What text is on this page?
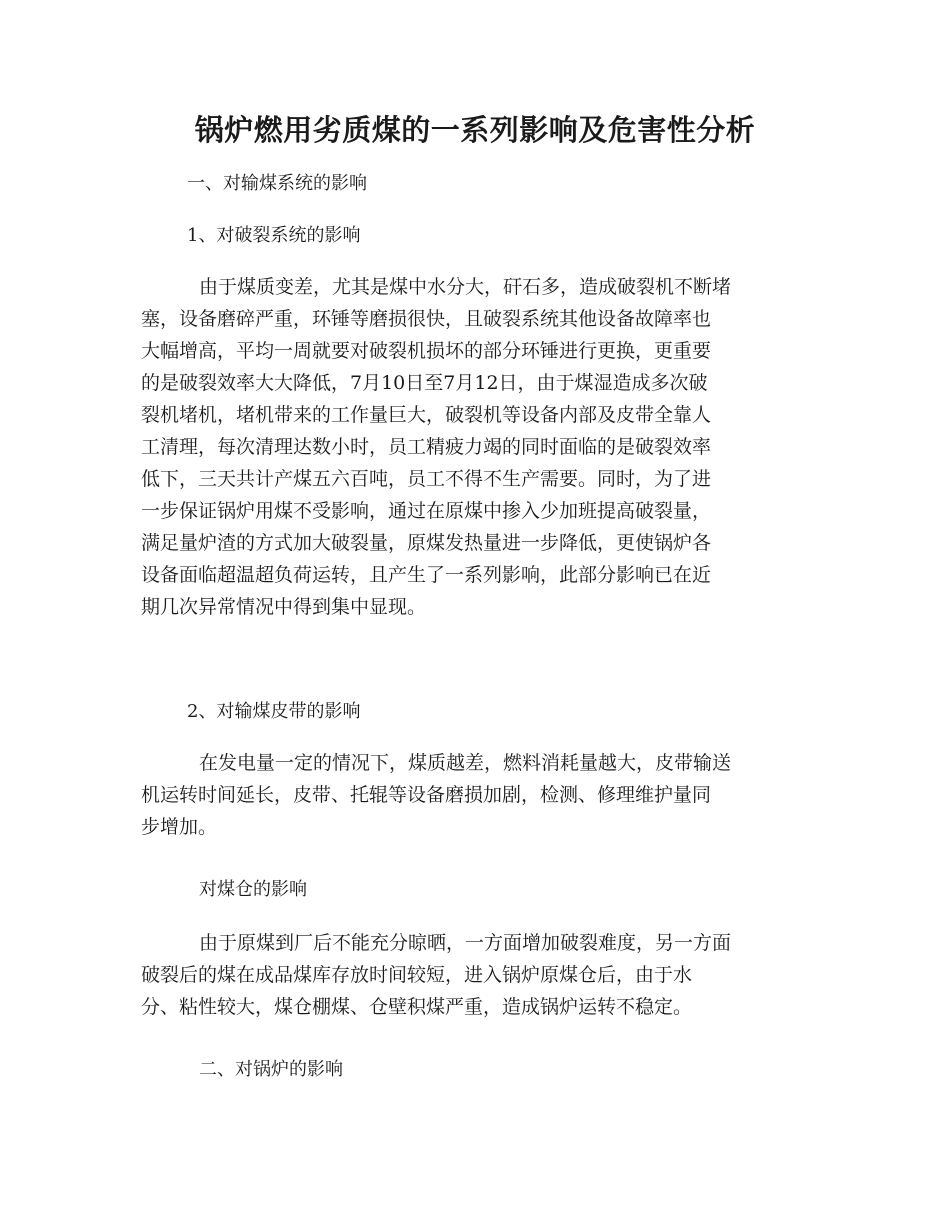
锅炉燃用劣质煤的一系列影响及危害性分析

一、对输煤系统的影响

1、对破裂系统的影响

由于煤质变差，尤其是煤中水分大，矸石多，造成破裂机不断堵
塞，设备磨碎严重，环锤等磨损很快，且破裂系统其他设备故障率也
大幅增高，平均一周就要对破裂机损坏的部分环锤进行更换，更重要
的是破裂效率大大降低，7月10日至7月12日，由于煤湿造成多次破
裂机堵机，堵机带来的工作量巨大，破裂机等设备内部及皮带全靠人
工清理，每次清理达数小时，员工精疲力竭的同时面临的是破裂效率
低下，三天共计产煤五六百吨，员工不得不生产需要。同时，为了进
一步保证锅炉用煤不受影响，通过在原煤中掺入少加班提高破裂量，
满足量炉渣的方式加大破裂量，原煤发热量进一步降低，更使锅炉各
设备面临超温超负荷运转，且产生了一系列影响，此部分影响已在近
期几次异常情况中得到集中显现。

2、对输煤皮带的影响

在发电量一定的情况下，煤质越差，燃料消耗量越大，皮带输送
机运转时间延长，皮带、托辊等设备磨损加剧，检测、修理维护量同
步增加。

对煤仓的影响

由于原煤到厂后不能充分晾晒，一方面增加破裂难度，另一方面
破裂后的煤在成品煤库存放时间较短，进入锅炉原煤仓后，由于水
分、粘性较大，煤仓棚煤、仓壁积煤严重，造成锅炉运转不稳定。

二、对锅炉的影响
